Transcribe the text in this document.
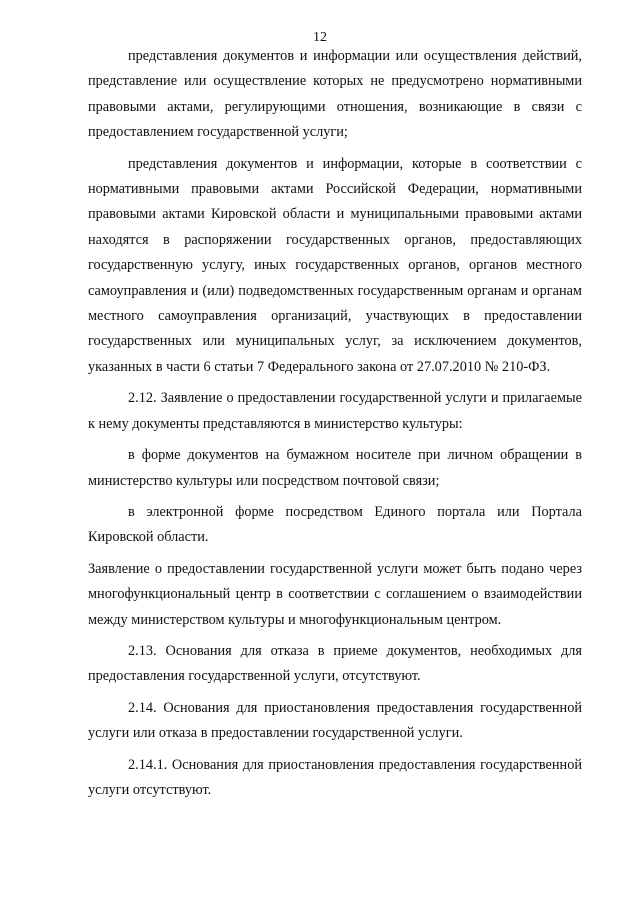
12

представления документов и информации или осуществления действий, представление или осуществление которых не предусмотрено нормативными правовыми актами, регулирующими отношения, возникающие в связи с предоставлением государственной услуги;

представления документов и информации, которые в соответствии с нормативными правовыми актами Российской Федерации, нормативными правовыми актами Кировской области и муниципальными правовыми актами находятся в распоряжении государственных органов, предоставляющих государственную услугу, иных государственных органов, органов местного самоуправления и (или) подведомственных государственным органам и органам местного самоуправления организаций, участвующих в предоставлении государственных или муниципальных услуг, за исключением документов, указанных в части 6 статьи 7 Федерального закона от 27.07.2010 № 210-ФЗ.

2.12. Заявление о предоставлении государственной услуги и прилагаемые к нему документы представляются в министерство культуры:

в форме документов на бумажном носителе при личном обращении в министерство культуры или посредством почтовой связи;

в электронной форме посредством Единого портала или Портала Кировской области.

Заявление о предоставлении государственной услуги может быть подано через многофункциональный центр в соответствии с соглашением о взаимодействии между министерством культуры и многофункциональным центром.

2.13. Основания для отказа в приеме документов, необходимых для предоставления государственной услуги, отсутствуют.

2.14. Основания для приостановления предоставления государственной услуги или отказа в предоставлении государственной услуги.

2.14.1. Основания для приостановления предоставления государственной услуги отсутствуют.
